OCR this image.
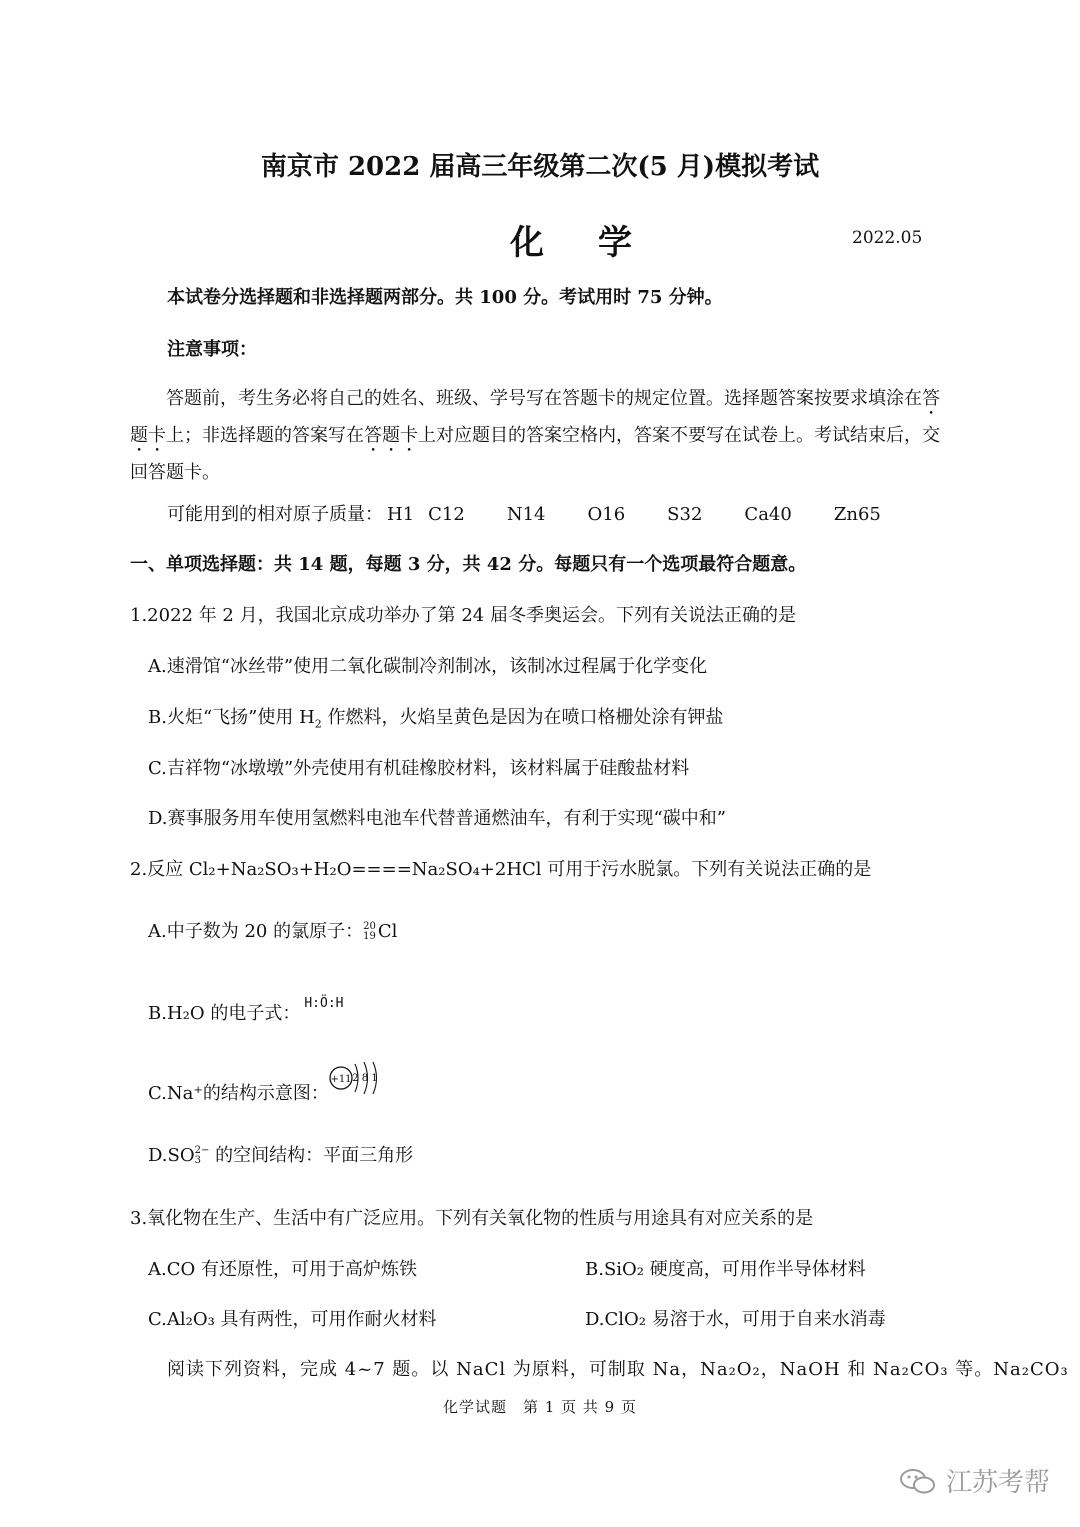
南京市 2022 届高三年级第二次(5 月)模拟考试
化学	2022.05
本试卷分选择题和非选择题两部分。共 100 分。考试用时 75 分钟。
注意事项：
答题前，考生务必将自己的姓名、班级、学号写在答题卡的规定位置。选择题答案按要求填涂在答题卡上；非选择题的答案写在答题卡上对应题目的答案空格内，答案不要写在试卷上。考试结束后，交回答题卡。
可能用到的相对原子质量： H1 C12 N14 O16 S32 Ca40 Zn65
一、单项选择题：共 14 题，每题 3 分，共 42 分。每题只有一个选项最符合题意。
1.2022 年 2 月，我国北京成功举办了第 24 届冬季奥运会。下列有关说法正确的是
A.速滑馆“冰丝带”使用二氧化碳制冷剂制冰，该制冰过程属于化学变化
B.火炬“飞扬”使用 $H_2$ 作燃料，火焰呈黄色是因为在喷口格栅处涂有钾盐
C.吉祥物“冰墩墩”外壳使用有机硅橡胶材料，该材料属于硅酸盐材料
D.赛事服务用车使用氢燃料电池车代替普通燃油车，有利于实现“碳中和”
2.反应 Cl₂+Na₂SO₃+H₂O====Na₂SO₄+2HCl 可用于污水脱氯。下列有关说法正确的是
A.中子数为 20 的氯原子： 20
19 Cl
B.H₂O 的电子式： $^{H:Ö:H}$
C.Na⁺的结构示意图：
+11 2 8 1
D.SO 2−
3 的空间结构：平面三角形
3.氧化物在生产、生活中有广泛应用。下列有关氧化物的性质与用途具有对应关系的是
A.CO 有还原性，可用于高炉炼铁	B.SiO₂ 硬度高，可用作半导体材料
C.Al₂O₃ 具有两性，可用作耐火材料	D.ClO₂ 易溶于水，可用于自来水消毒
阅读下列资料，完成 4~7 题。以 NaCl 为原料，可制取 Na，Na₂O₂，NaOH 和 Na₂CO₃ 等。Na₂CO₃
化学试题　第 1 页 共 9 页
江苏考帮
